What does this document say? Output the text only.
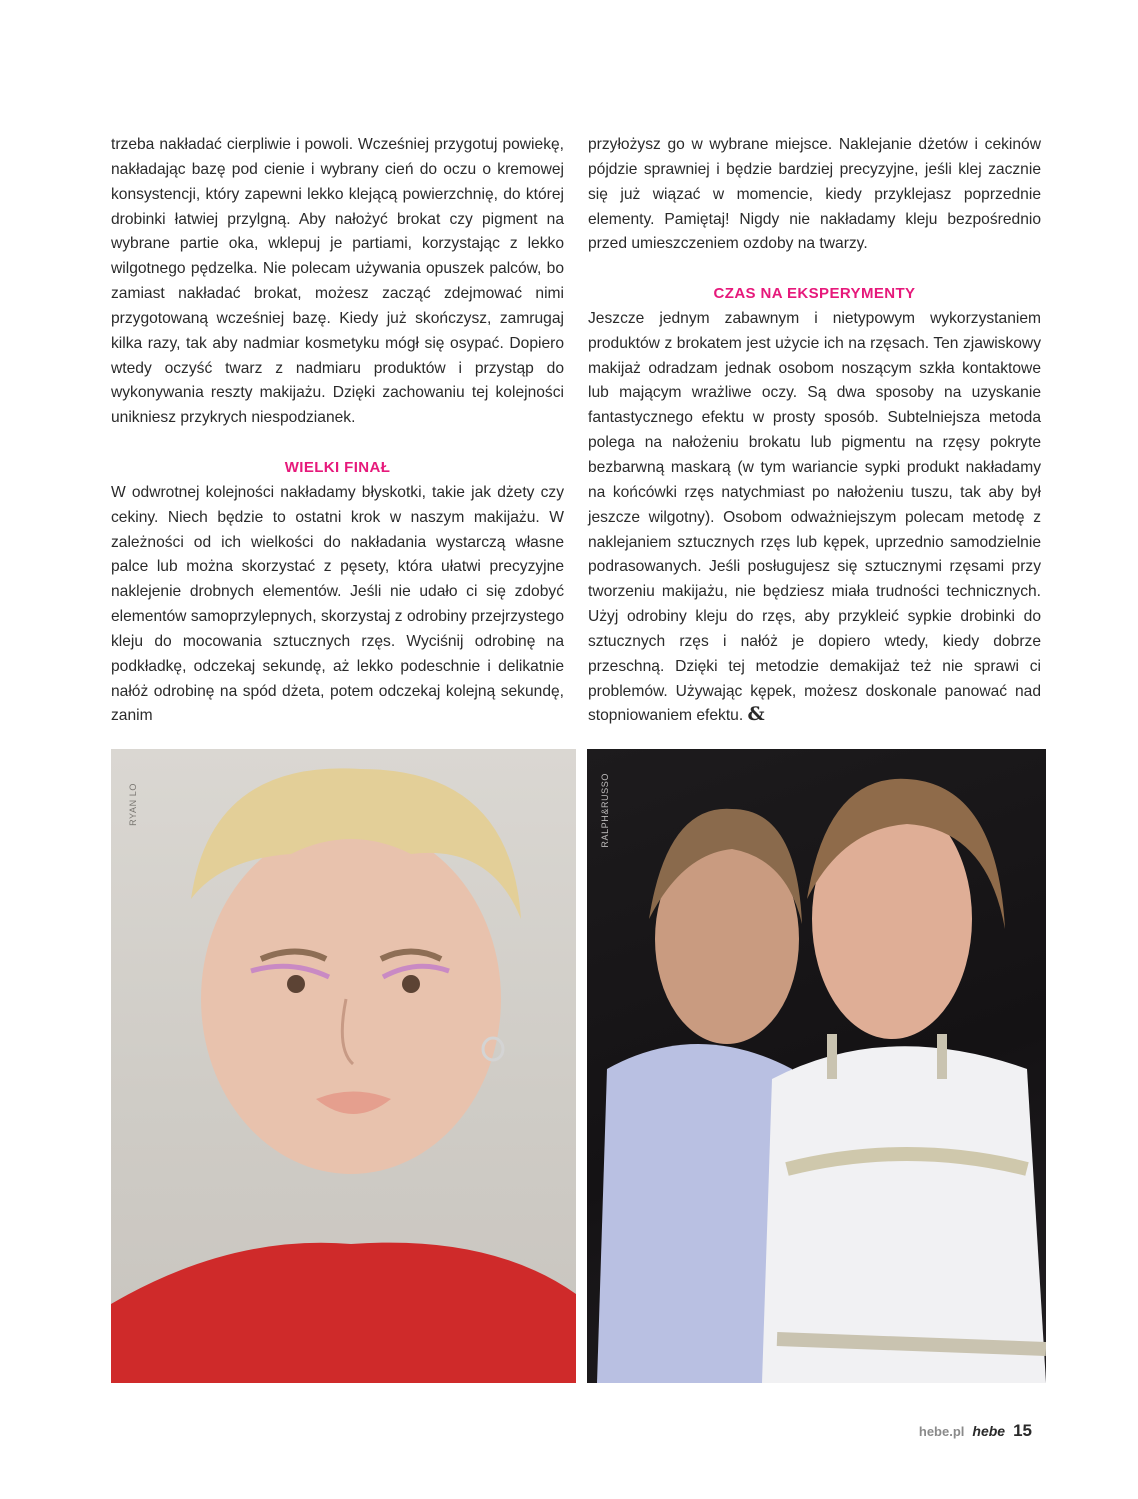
trzeba nakładać cierpliwie i powoli. Wcześniej przygotuj powiekę, nakładając bazę pod cienie i wybrany cień do oczu o kremowej konsystencji, który zapewni lekko klejącą powierzchnię, do której drobinki łatwiej przylgną. Aby nałożyć brokat czy pigment na wybrane partie oka, wklepuj je partiami, korzystając z lekko wilgotnego pędzelka. Nie polecam używania opuszek palców, bo zamiast nakładać brokat, możesz zacząć zdejmować nimi przygotowaną wcześniej bazę. Kiedy już skończysz, zamrugaj kilka razy, tak aby nadmiar kosmetyku mógł się osypać. Dopiero wtedy oczyść twarz z nadmiaru produktów i przystąp do wykonywania reszty makijażu. Dzięki zachowaniu tej kolejności unikniesz przykrych niespodzianek.

WIELKI FINAŁ

W odwrotnej kolejności nakładamy błyskotki, takie jak dżety czy cekiny. Niech będzie to ostatni krok w naszym makijażu. W zależności od ich wielkości do nakładania wystarczą własne palce lub można skorzystać z pęsety, która ułatwi precyzyjne naklejenie drobnych elementów. Jeśli nie udało ci się zdobyć elementów samoprzylepnych, skorzystaj z odrobiny przejrzystego kleju do mocowania sztucznych rzęs. Wyciśnij odrobinę na podkładkę, odczekaj sekundę, aż lekko podeschnie i delikatnie nałóż odrobinę na spód dżeta, potem odczekaj kolejną sekundę, zanim

przyłożysz go w wybrane miejsce. Naklejanie dżetów i cekinów pójdzie sprawniej i będzie bardziej precyzyjne, jeśli klej zacznie się już wiązać w momencie, kiedy przyklejasz poprzednie elementy. Pamiętaj! Nigdy nie nakładamy kleju bezpośrednio przed umieszczeniem ozdoby na twarzy.

CZAS NA EKSPERYMENTY

Jeszcze jednym zabawnym i nietypowym wykorzystaniem produktów z brokatem jest użycie ich na rzęsach. Ten zjawiskowy makijaż odradzam jednak osobom noszącym szkła kontaktowe lub mającym wrażliwe oczy. Są dwa sposoby na uzyskanie fantastycznego efektu w prosty sposób. Subtelniejsza metoda polega na nałożeniu brokatu lub pigmentu na rzęsy pokryte bezbarwną maskarą (w tym wariancie sypki produkt nakładamy na końcówki rzęs natychmiast po nałożeniu tuszu, tak aby był jeszcze wilgotny). Osobom odważniejszym polecam metodę z naklejaniem sztucznych rzęs lub kępek, uprzednio samodzielnie podrasowanych. Jeśli posługujesz się sztucznymi rzęsami przy tworzeniu makijażu, nie będziesz miała trudności technicznych. Użyj odrobiny kleju do rzęs, aby przykleić sypkie drobinki do sztucznych rzęs i nałóż je dopiero wtedy, kiedy dobrze przeschną. Dzięki tej metodzie demakijaż też nie sprawi ci problemów. Używając kępek, możesz doskonale panować nad stopniowaniem efektu. &

RYAN LO	RALPH&RUSSO
hebe.pl hebe 15
